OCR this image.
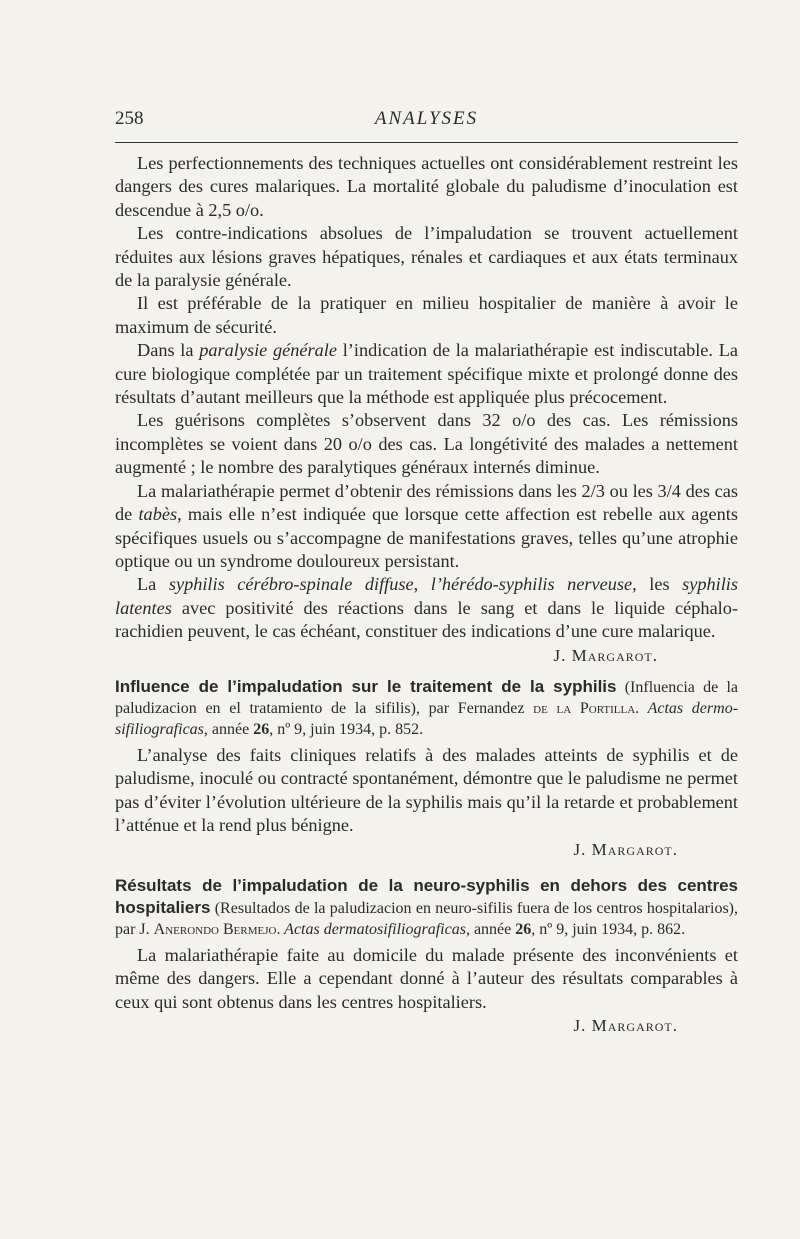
258	ANALYSES

Les perfectionnements des techniques actuelles ont considérablement restreint les dangers des cures malariques. La mortalité globale du paludisme d’inoculation est descendue à 2,5 o/o.

Les contre-indications absolues de l’impaludation se trouvent actuellement réduites aux lésions graves hépatiques, rénales et cardiaques et aux états terminaux de la paralysie générale.

Il est préférable de la pratiquer en milieu hospitalier de manière à avoir le maximum de sécurité.

Dans la paralysie générale l’indication de la malariathérapie est indiscutable. La cure biologique complétée par un traitement spécifique mixte et prolongé donne des résultats d’autant meilleurs que la méthode est appliquée plus précocement.

Les guérisons complètes s’observent dans 32 o/o des cas. Les rémissions incomplètes se voient dans 20 o/o des cas. La longétivité des malades a nettement augmenté ; le nombre des paralytiques généraux internés diminue.

La malariathérapie permet d’obtenir des rémissions dans les 2/3 ou les 3/4 des cas de tabès, mais elle n’est indiquée que lorsque cette affection est rebelle aux agents spécifiques usuels ou s’accompagne de manifestations graves, telles qu’une atrophie optique ou un syndrome douloureux persistant.

La syphilis cérébro-spinale diffuse, l’hérédo-syphilis nerveuse, les syphilis latentes avec positivité des réactions dans le sang et dans le liquide céphalo-rachidien peuvent, le cas échéant, constituer des indications d’une cure malarique.

J. Margarot.

Influence de l’impaludation sur le traitement de la syphilis (Influencia de la paludizacion en el tratamiento de la sifilis), par Fernandez de la Portilla. Actas dermo-sifiliograficas, année 26, nº 9, juin 1934, p. 852.

L’analyse des faits cliniques relatifs à des malades atteints de syphilis et de paludisme, inoculé ou contracté spontanément, démontre que le paludisme ne permet pas d’éviter l’évolution ultérieure de la syphilis mais qu’il la retarde et probablement l’atténue et la rend plus bénigne.

J. Margarot.

Résultats de l’impaludation de la neuro-syphilis en dehors des centres hospitaliers (Resultados de la paludizacion en neuro-sifilis fuera de los centros hospitalarios), par J. Anerondo Bermejo. Actas dermatosifiliograficas, année 26, nº 9, juin 1934, p. 862.

La malariathérapie faite au domicile du malade présente des inconvénients et même des dangers. Elle a cependant donné à l’auteur des résultats comparables à ceux qui sont obtenus dans les centres hospitaliers.

J. Margarot.
